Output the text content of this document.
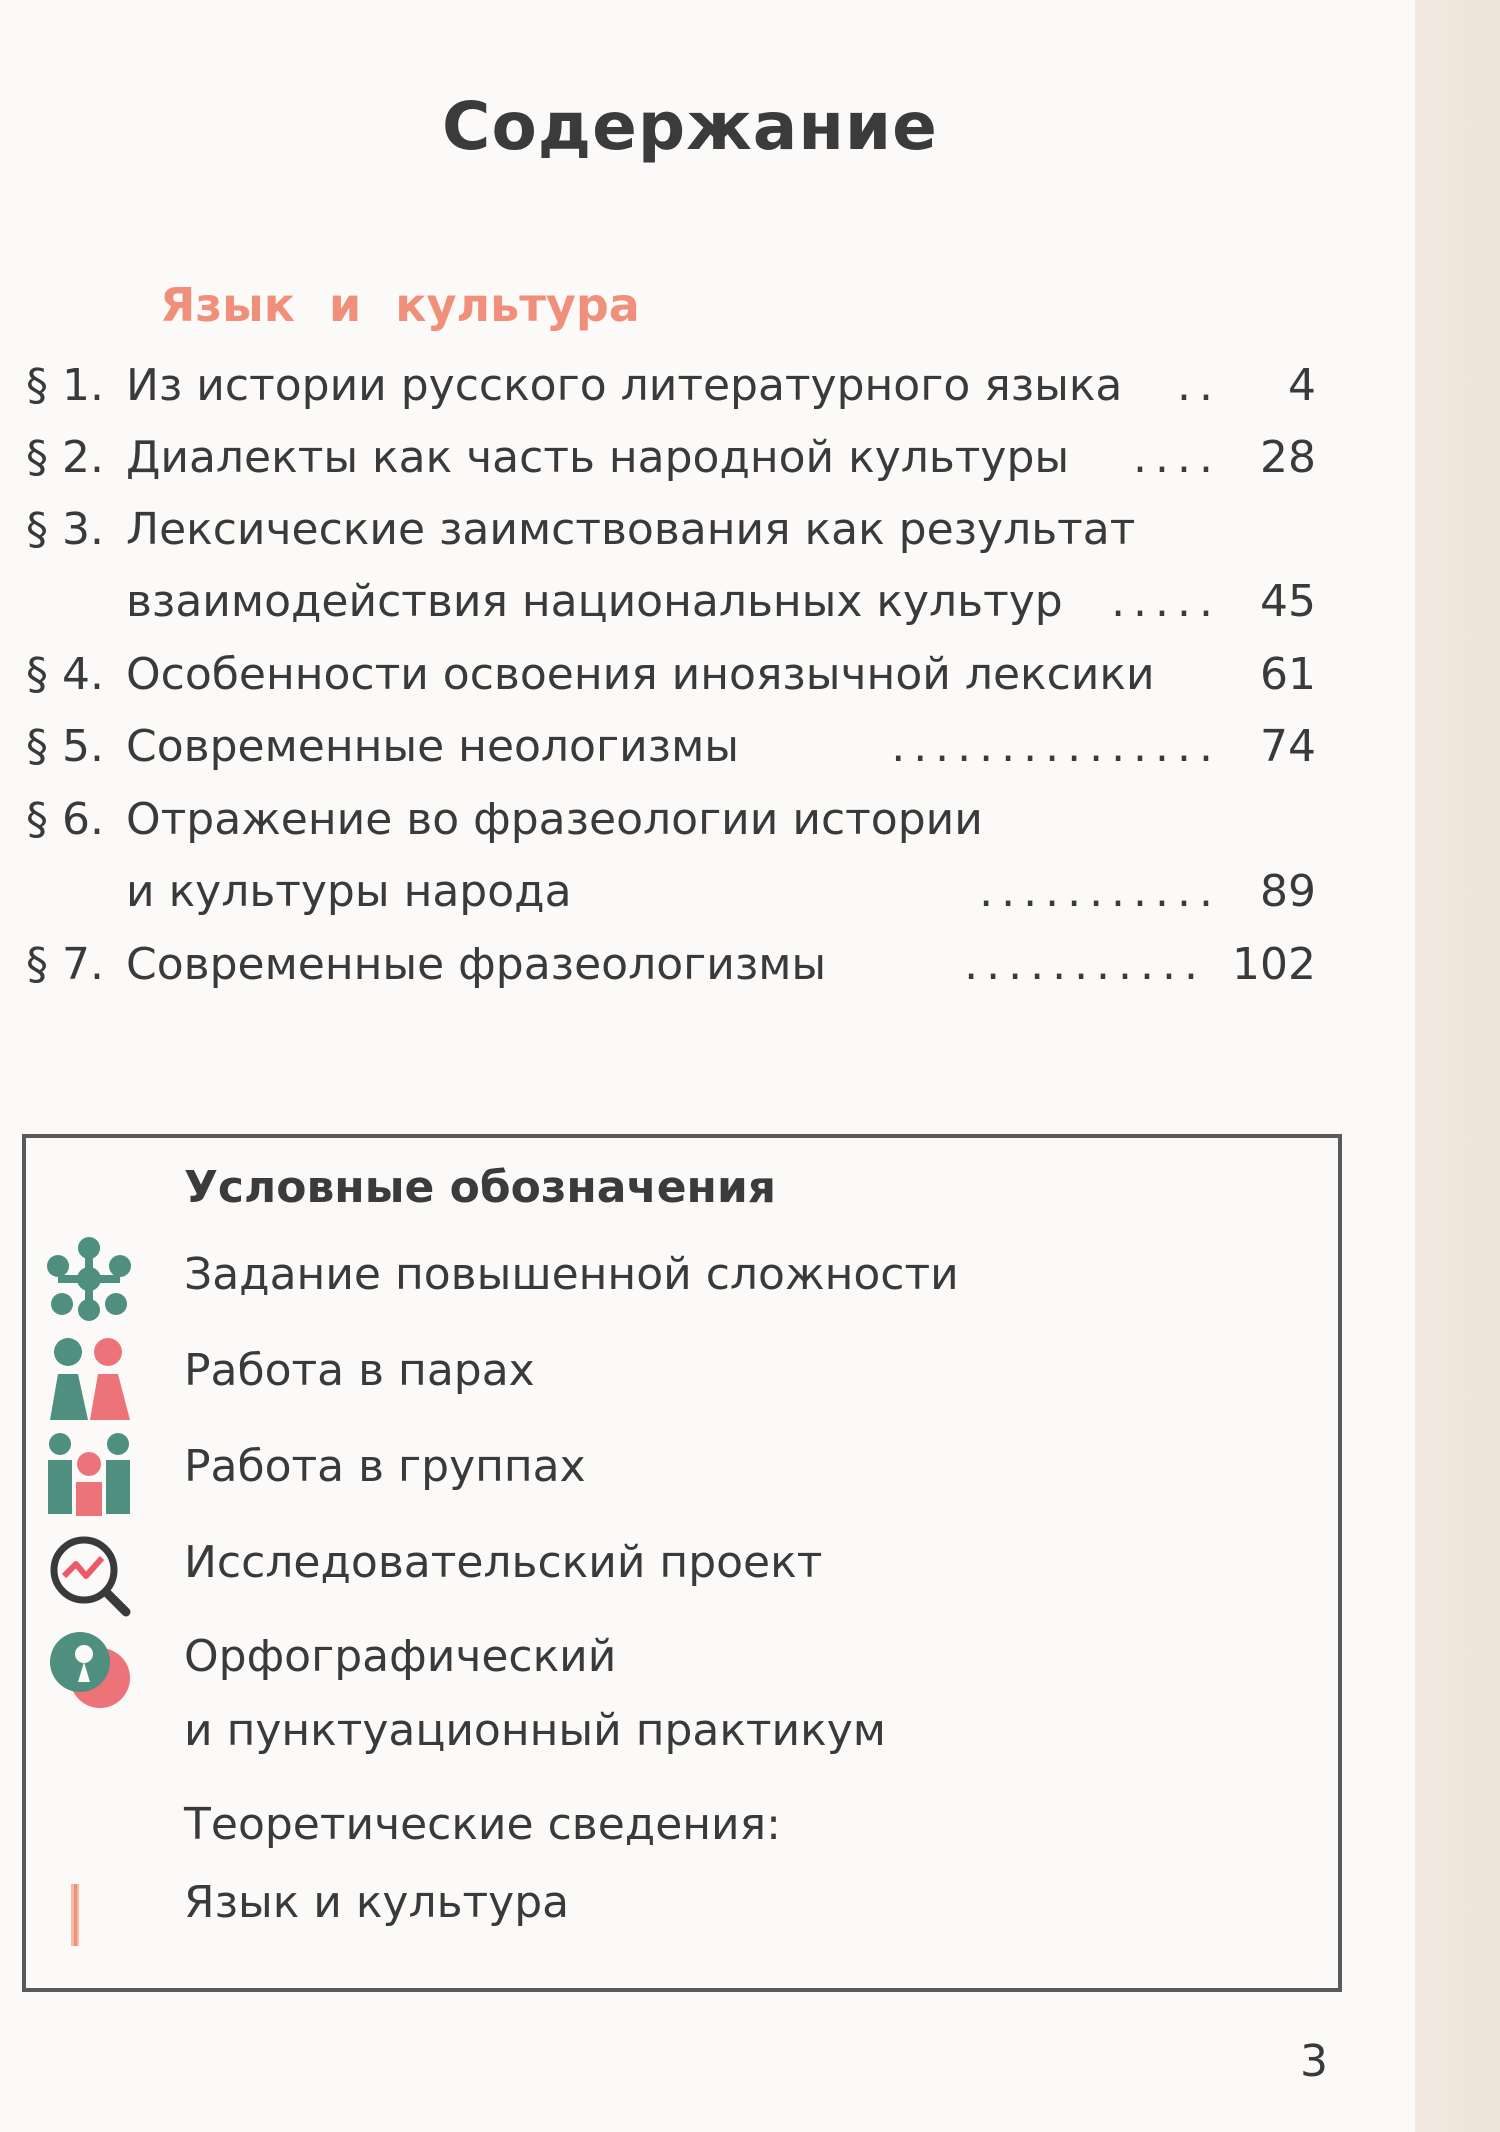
Содержание
Язык и культура
§ 1. Из истории русского литературного языка .. 4
§ 2. Диалекты как часть народной культуры .... 28
§ 3. Лексические заимствования как результат
взаимодействия национальных культур ..... 45
§ 4. Особенности освоения иноязычной лексики 61
§ 5. Современные неологизмы	............... 74
§ 6. Отражение во фразеологии истории
и культуры народа	........... 89
§ 7. Современные фразеологизмы	........... 102
Условные обозначения
Задание повышенной сложности
Работа в парах
Работа в группах
Исследовательский проект
Орфографический
и пунктуационный практикум
Теоретические сведения:
Язык и культура
3
